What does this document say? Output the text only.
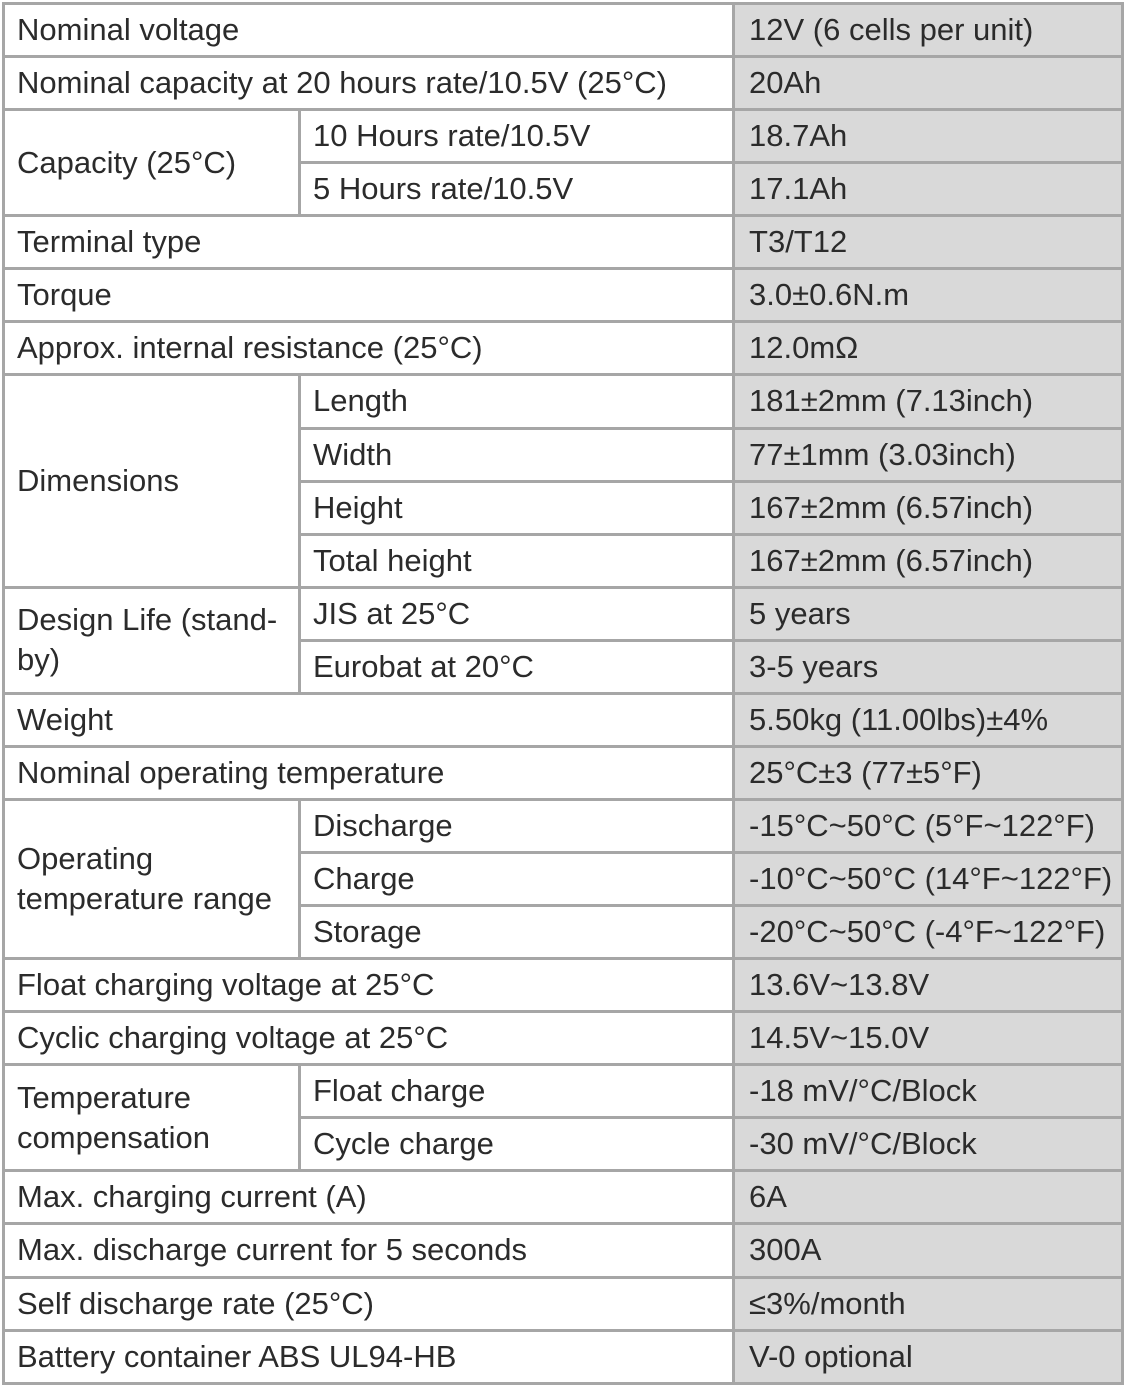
Nominal voltage		12V (6 cells per unit)
Nominal capacity at 20 hours rate/10.5V (25°C)		20Ah
Capacity (25°C)	10 Hours rate/10.5V	18.7Ah
	5 Hours rate/10.5V	17.1Ah
Terminal type		T3/T12
Torque		3.0±0.6N.m
Approx. internal resistance (25°C)		12.0mΩ
Dimensions	Length	181±2mm (7.13inch)
	Width	77±1mm (3.03inch)
	Height	167±2mm (6.57inch)
	Total height	167±2mm (6.57inch)
Design Life (stand-by)	JIS at 25°C	5 years
	Eurobat at 20°C	3-5 years
Weight		5.50kg (11.00lbs)±4%
Nominal operating temperature		25°C±3 (77±5°F)
Operating temperature range	Discharge	-15°C~50°C (5°F~122°F)
	Charge	-10°C~50°C (14°F~122°F)
	Storage	-20°C~50°C (-4°F~122°F)
Float charging voltage at 25°C		13.6V~13.8V
Cyclic charging voltage at 25°C		14.5V~15.0V
Temperature compensation	Float charge	-18 mV/°C/Block
	Cycle charge	-30 mV/°C/Block
Max. charging current (A)		6A
Max. discharge current for 5 seconds		300A
Self discharge rate (25°C)		≤3%/month
Battery container ABS UL94-HB		V-0 optional
